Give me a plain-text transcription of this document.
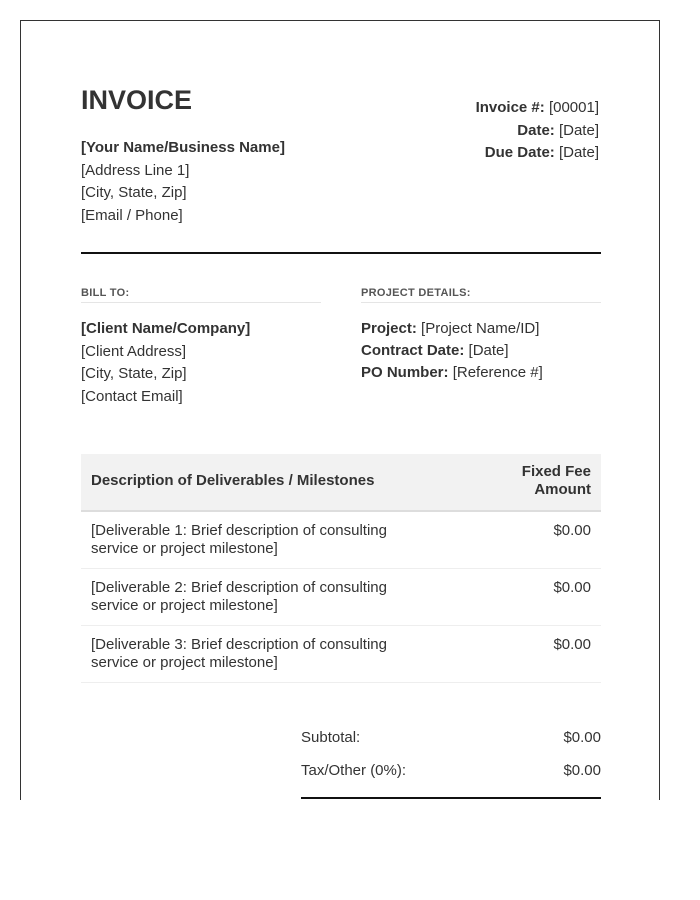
INVOICE
[Your Name/Business Name]
[Address Line 1]
[City, State, Zip]
[Email / Phone]
Invoice #: [00001]
Date: [Date]
Due Date: [Date]
BILL TO:	PROJECT DETAILS:
[Client Name/Company]
[Client Address]
[City, State, Zip]
[Contact Email]
Project: [Project Name/ID]
Contract Date: [Date]
PO Number: [Reference #]
Description of Deliverables / Milestones
Fixed Fee
Amount
[Deliverable 1: Brief description of consulting service or project milestone]
$0.00
[Deliverable 2: Brief description of consulting service or project milestone]
$0.00
[Deliverable 3: Brief description of consulting service or project milestone]
$0.00
Subtotal:	$0.00
Tax/Other (0%):	$0.00
